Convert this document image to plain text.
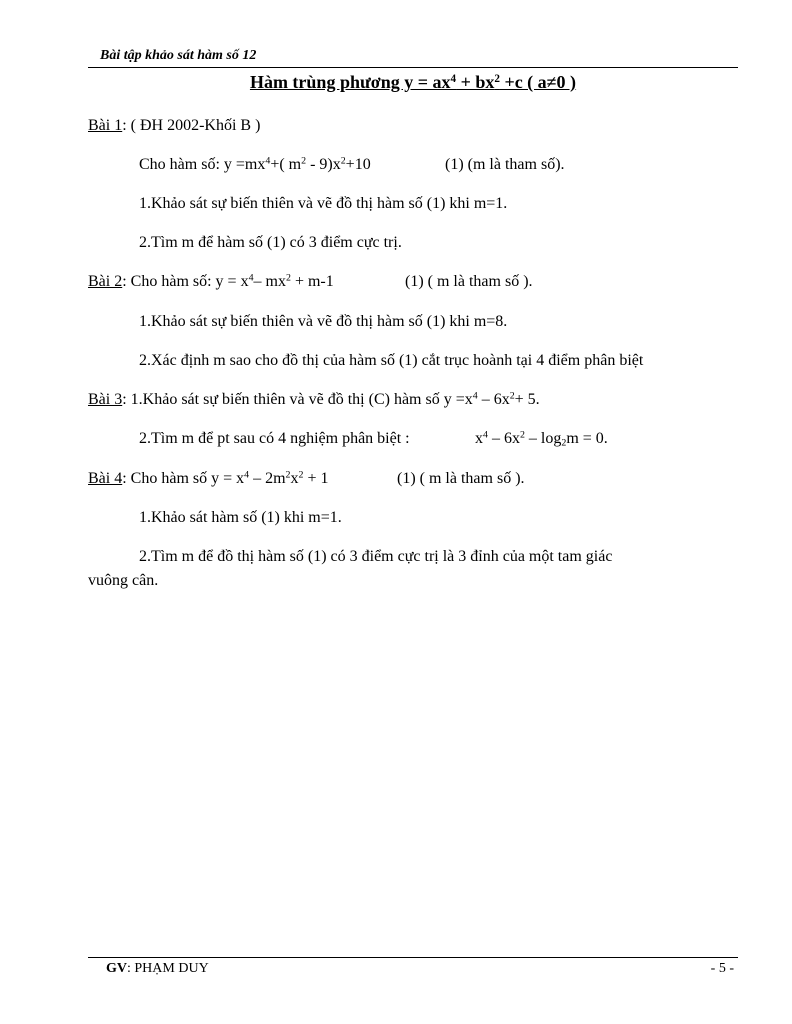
Bài tập khảo sát hàm số 12
Hàm trùng phương $y = ax^4 + bx^2 +c$ ( a≠0 )
Bài 1: ( ĐH 2002-Khối B )
Cho hàm số: $y =mx^4+$( $m^2 - 9)x^2+10$	(1) (m là tham số).
1.Khảo sát sự biến thiên và vẽ đồ thị hàm số (1) khi m=1.
2.Tìm m để hàm số (1) có 3 điểm cực trị.
Bài 2: Cho hàm số: $y = x^4-$ $mx^2 + m-1$	(1) ( m là tham số ).
1.Khảo sát sự biến thiên và vẽ đồ thị hàm số (1) khi m=8.
2.Xác định m sao cho đồ thị của hàm số (1) cắt trục hoành tại 4 điểm phân biệt
Bài 3: 1.Khảo sát sự biến thiên và vẽ đồ thị (C) hàm số $y =x^4 - 6x^2+ 5$.
2.Tìm m để pt sau có 4 nghiệm phân biệt :	$x^4 - 6x^2 - \log_2m = 0$.
Bài 4: Cho hàm số $y = x^4 - 2m^2x^2 + 1$	(1) ( m là tham số ).
1.Khảo sát hàm số (1) khi m=1.
2.Tìm m để đồ thị hàm số (1) có 3 điểm cực trị là 3 đỉnh của một tam giác
vuông cân.
GV: PHẠM DUY	- 5 -
